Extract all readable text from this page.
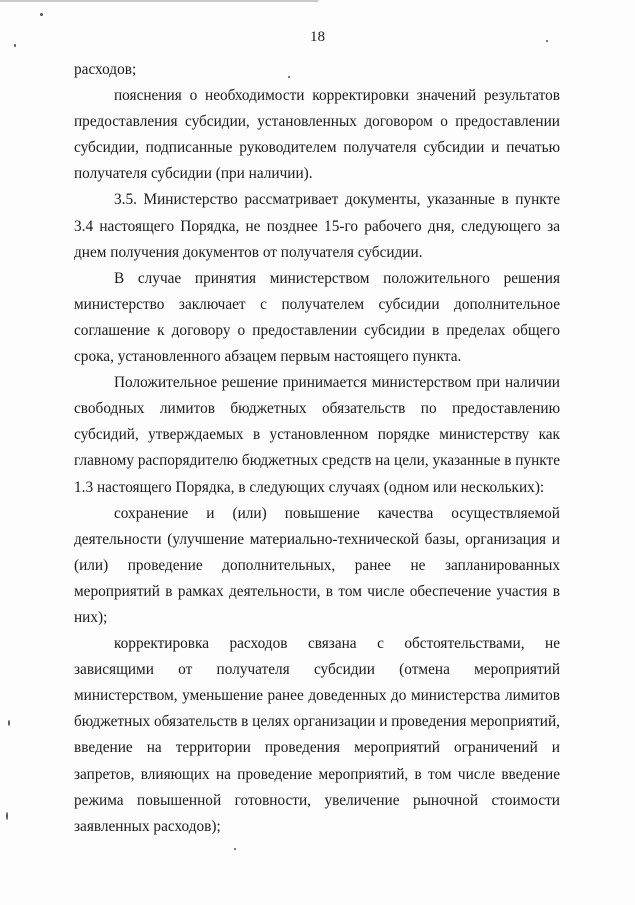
18

расходов;

пояснения о необходимости корректировки значений результатов предоставления субсидии, установленных договором о предоставлении субсидии, подписанные руководителем получателя субсидии и печатью получателя субсидии (при наличии).

3.5. Министерство рассматривает документы, указанные в пункте 3.4 настоящего Порядка, не позднее 15-го рабочего дня, следующего за днем получения документов от получателя субсидии.

В случае принятия министерством положительного решения министерство заключает с получателем субсидии дополнительное соглашение к договору о предоставлении субсидии в пределах общего срока, установленного абзацем первым настоящего пункта.

Положительное решение принимается министерством при наличии свободных лимитов бюджетных обязательств по предоставлению субсидий, утверждаемых в установленном порядке министерству как главному распорядителю бюджетных средств на цели, указанные в пункте 1.3 настоящего Порядка, в следующих случаях (одном или нескольких):

сохранение и (или) повышение качества осуществляемой деятельности (улучшение материально-технической базы, организация и (или) проведение дополнительных, ранее не запланированных мероприятий в рамках деятельности, в том числе обеспечение участия в них);

корректировка расходов связана с обстоятельствами, не зависящими от получателя субсидии (отмена мероприятий министерством, уменьшение ранее доведенных до министерства лимитов бюджетных обязательств в целях организации и проведения мероприятий, введение на территории проведения мероприятий ограничений и запретов, влияющих на проведение мероприятий, в том числе введение режима повышенной готовности, увеличение рыночной стоимости заявленных расходов);
